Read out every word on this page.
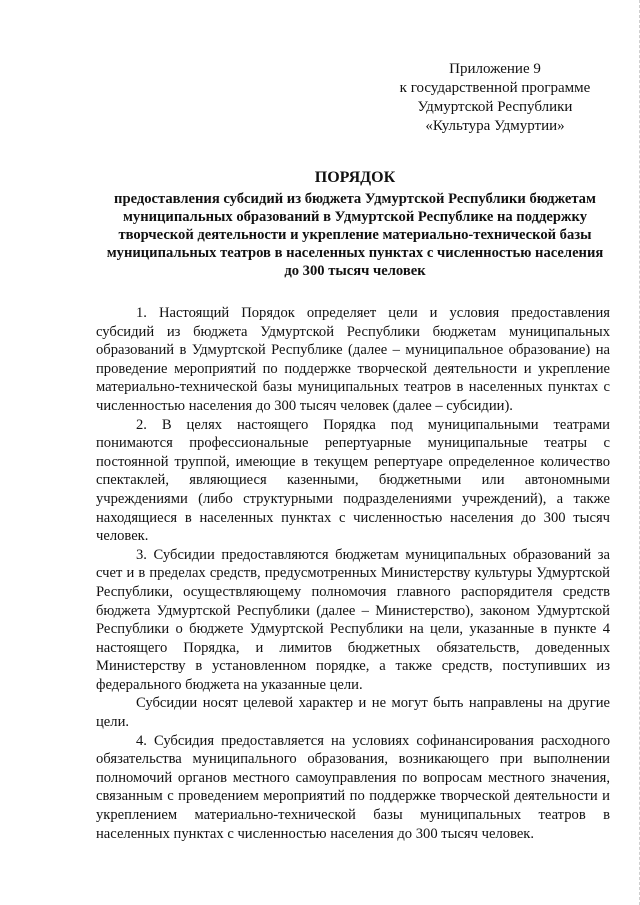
Приложение 9
к государственной программе
Удмуртской Республики
«Культура Удмуртии»
ПОРЯДОК
предоставления субсидий из бюджета Удмуртской Республики бюджетам
муниципальных образований в Удмуртской Республике на поддержку
творческой деятельности и укрепление материально-технической базы
муниципальных театров в населенных пунктах с численностью населения
до 300 тысяч человек

1. Настоящий Порядок определяет цели и условия предоставления субсидий из бюджета Удмуртской Республики бюджетам муниципальных образований в Удмуртской Республике (далее – муниципальное образование) на проведение мероприятий по поддержке творческой деятельности и укрепление материально-технической базы муниципальных театров в населенных пунктах с численностью населения до 300 тысяч человек (далее – субсидии).

2. В целях настоящего Порядка под муниципальными театрами понимаются профессиональные репертуарные муниципальные театры с постоянной труппой, имеющие в текущем репертуаре определенное количество спектаклей, являющиеся казенными, бюджетными или автономными учреждениями (либо структурными подразделениями учреждений), а также находящиеся в населенных пунктах с численностью населения до 300 тысяч человек.

3. Субсидии предоставляются бюджетам муниципальных образований за счет и в пределах средств, предусмотренных Министерству культуры Удмуртской Республики, осуществляющему полномочия главного распорядителя средств бюджета Удмуртской Республики (далее – Министерство), законом Удмуртской Республики о бюджете Удмуртской Республики на цели, указанные в пункте 4 настоящего Порядка, и лимитов бюджетных обязательств, доведенных Министерству в установленном порядке, а также средств, поступивших из федерального бюджета на указанные цели.

Субсидии носят целевой характер и не могут быть направлены на другие цели.

4. Субсидия предоставляется на условиях софинансирования расходного обязательства муниципального образования, возникающего при выполнении полномочий органов местного самоуправления по вопросам местного значения, связанным с проведением мероприятий по поддержке творческой деятельности и укреплением материально-технической базы муниципальных театров в населенных пунктах с численностью населения до 300 тысяч человек.
